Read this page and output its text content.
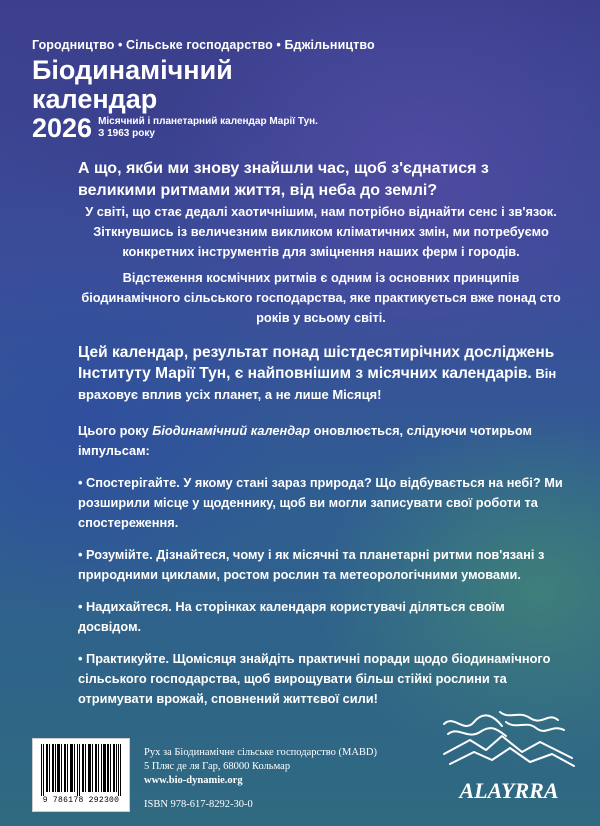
Городництво • Сільське господарство • Бджільництво
Біодинамічний
календар
2026 Місячний і планетарний календар Марії Тун.
З 1963 року

А що, якби ми знову знайшли час, щоб з'єднатися з великими ритмами життя, від неба до землі?

У світі, що стає дедалі хаотичнішим, нам потрібно віднайти сенс і зв'язок. Зіткнувшись із величезним викликом кліматичних змін, ми потребуємо конкретних інструментів для зміцнення наших ферм і городів.

Відстеження космічних ритмів є одним із основних принципів біодинамічного сільського господарства, яке практикується вже понад сто років у всьому світі.

Цей календар, результат понад шістдесятирічних досліджень Інституту Марії Тун, є найповнішим з місячних календарів. Він враховує вплив усіх планет, а не лише Місяця!

Цього року Біодинамічний календар оновлюється, слідуючи чотирьом імпульсам:

• Спостерігайте. У якому стані зараз природа? Що відбувається на небі? Ми розширили місце у щоденнику, щоб ви могли записувати свої роботи та спостереження.

• Розумійте. Дізнайтеся, чому і як місячні та планетарні ритми пов'язані з природними циклами, ростом рослин та метеорологічними умовами.

• Надихайтеся. На сторінках календаря користувачі діляться своїм досвідом.

• Практикуйте. Щомісяця знайдіть практичні поради щодо біодинамічного сільського господарства, щоб вирощувати більш стійкі рослини та отримувати врожай, сповнений життєвої сили!

9 786178 292300
Рух за Біодинамічне сільське господарство (MABD)
5 Пляс де ля Гар, 68000 Кольмар
www.bio-dynamie.org
ISBN 978-617-8292-30-0
ALAYRRA
